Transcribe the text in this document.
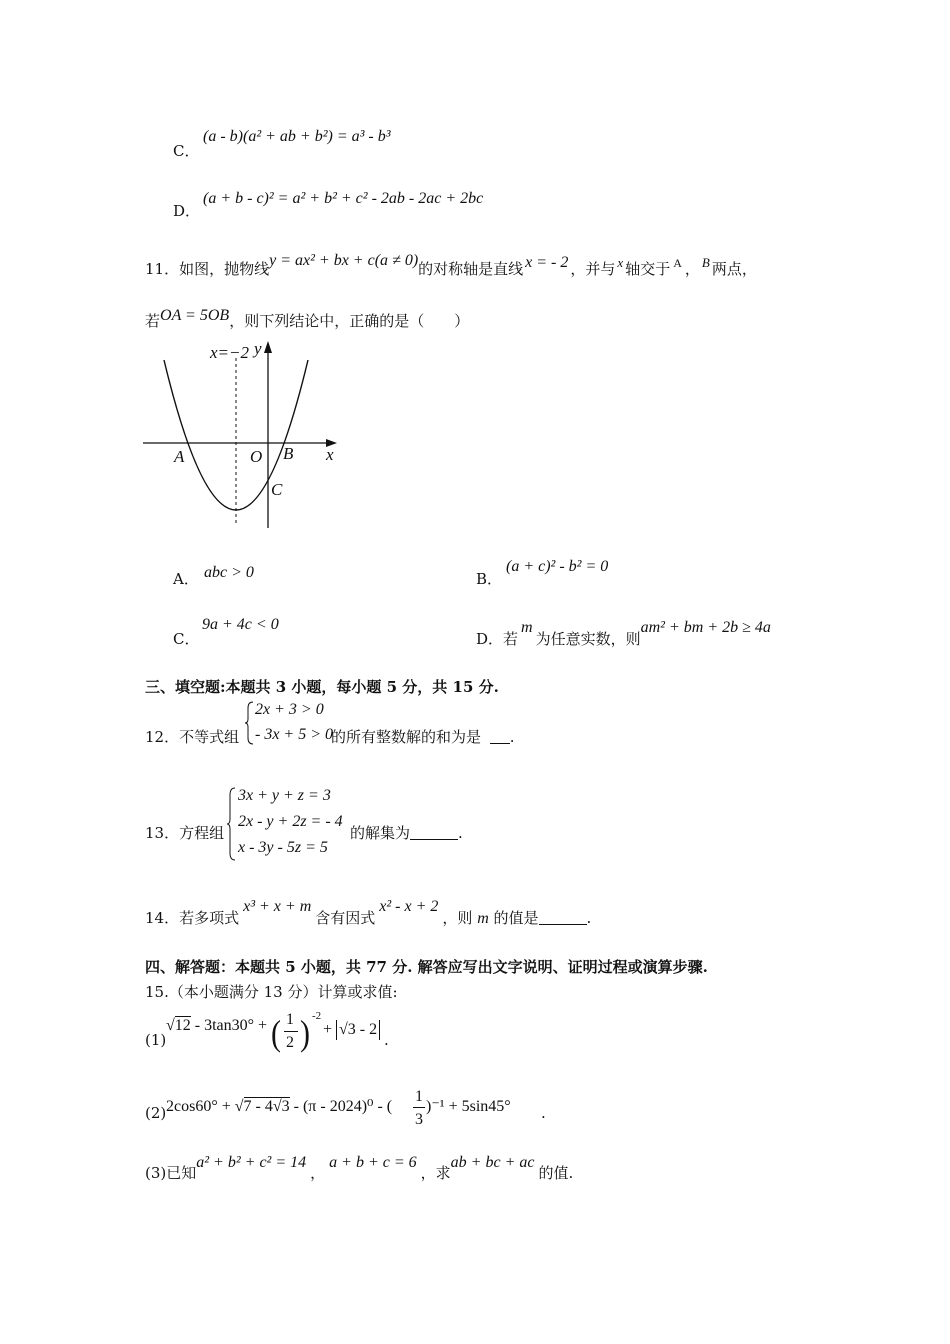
C．
(a - b)(a² + ab + b²) = a³ - b³
D．
(a + b - c)² = a² + b² + c² - 2ab - 2ac + 2bc
11．如图，抛物线y = ax² + bx + c(a ≠ 0)的对称轴是直线 x = - 2 ，并与 x 轴交于 $^A$ ， B 两点，
若OA = 5OB，则下列结论中，正确的是（　　）
x=−2 y
x
A	O B
C
A． abc > 0	B．
(a + c)² - b² = 0
C．
9a + 4c < 0
D．若m为任意实数，则am² + bm + 2b ≥ 4a
三、填空题:本题共 3 小题，每小题 5 分，共 15 分.
12．不等式组
2x + 3 > 0
- 3x + 5 > 0
的所有整数解的和为是 .
13．方程组
3x + y + z = 3
2x - y + 2z = - 4
x - 3y - 5z = 5
的解集为	.
14．若多项式x³ + x + m含有因式x² - x + 2，则 m 的值是	.
四、解答题：本题共 5 小题，共 77 分. 解答应写出文字说明、证明过程或演算步骤.
15.（本小题满分 13 分）计算或求值:
(1)
√12 - 3tan30° + ( 1
2 ) -2
+ √3 - 2
.
(2) 2cos60° + √7 - 4√3 - (π - 2024)⁰ - (
1
3
)⁻¹ + 5sin45° .
(3)已知a² + b² + c² = 14，a + b + c = 6，求ab + bc + ac的值.
